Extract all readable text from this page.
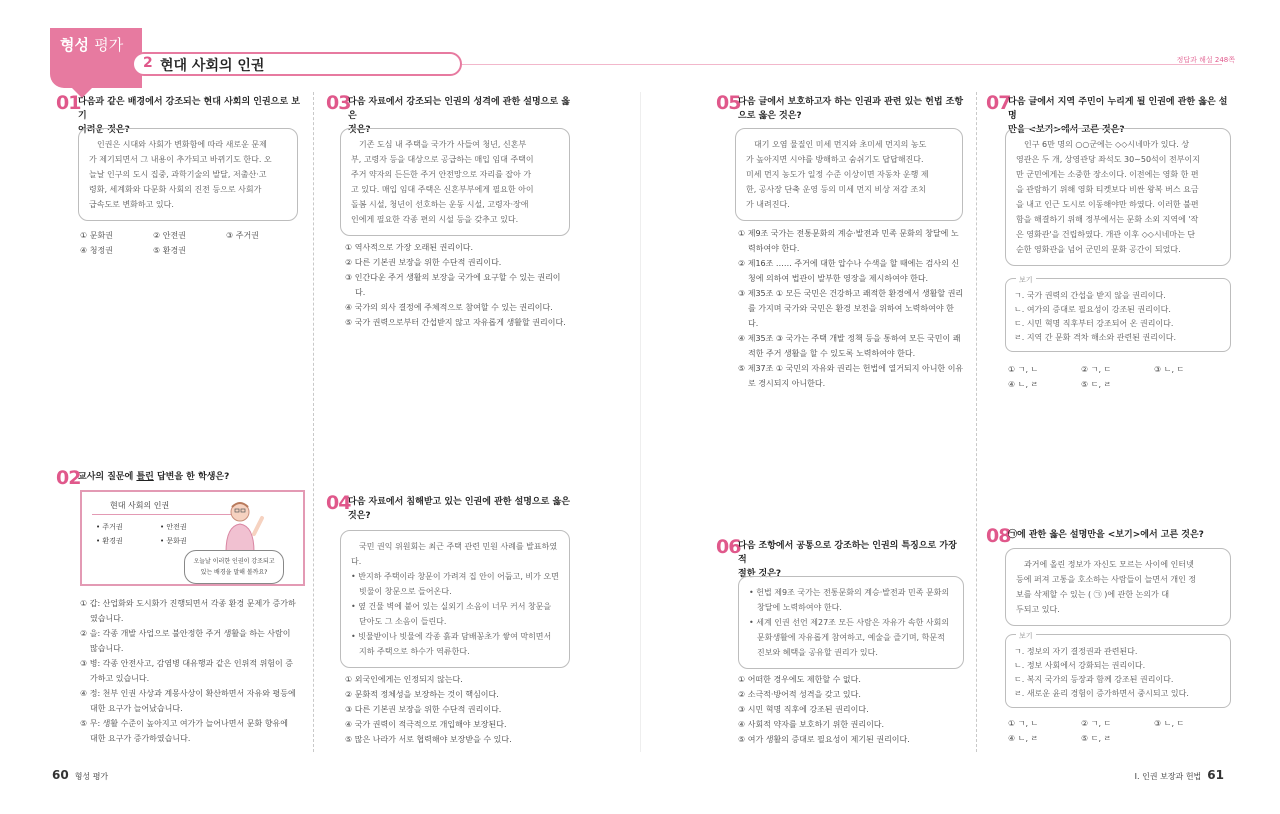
형성 평가
2 현대 사회의 인권	정답과 해설 248쪽
01
다음과 같은 배경에서 강조되는 현대 사회의 인권으로 보기
어려운 것은?

인권은 시대와 사회가 변화함에 따라 새로운 문제

가 제기되면서 그 내용이 추가되고 바뀌기도 한다. 오
늘날 인구의 도시 집중, 과학기술의 발달, 저출산·고
령화, 세계화와 다문화 사회의 진전 등으로 사회가
급속도로 변화하고 있다.
① 문화권	② 안전권	③ 주거권
④ 청정권	⑤ 환경권
02
교사의 질문에 틀린 답변을 한 학생은?
현대 사회의 인권
• 주거권	• 안전권
• 환경권	• 문화권
오늘날 이러한 인권이 강조되고 있는 배경을 말해 볼까요?
① 갑: 산업화와 도시화가 진행되면서 각종 환경 문제가 증가하였습니다.
② 을: 각종 개발 사업으로 불안정한 주거 생활을 하는 사람이 많습니다.
③ 병: 각종 안전사고, 감염병 대유행과 같은 인위적 위험이 증가하고 있습니다.
④ 정: 천부 인권 사상과 계몽사상이 확산하면서 자유와 평등에 대한 요구가 늘어났습니다.
⑤ 무: 생활 수준이 높아지고 여가가 늘어나면서 문화 향유에 대한 요구가 증가하였습니다.
03
다음 자료에서 강조되는 인권의 성격에 관한 설명으로 옳은
것은?

기존 도심 내 주택을 국가가 사들여 청년, 신혼부

부, 고령자 등을 대상으로 공급하는 매입 임대 주택이
주거 약자의 든든한 주거 안전망으로 자리를 잡아 가
고 있다. 매입 임대 주택은 신혼부부에게 필요한 아이
돌봄 시설, 청년이 선호하는 운동 시설, 고령자·장애
인에게 필요한 각종 편의 시설 등을 갖추고 있다.
① 역사적으로 가장 오래된 권리이다.
② 다른 기본권 보장을 위한 수단적 권리이다.
③ 인간다운 주거 생활의 보장을 국가에 요구할 수 있는 권리이다.
④ 국가의 의사 결정에 주체적으로 참여할 수 있는 권리이다.
⑤ 국가 권력으로부터 간섭받지 않고 자유롭게 생활할 권리이다.
04
다음 자료에서 침해받고 있는 인권에 관한 설명으로 옳은
것은?

국민 권익 위원회는 최근 주택 관련 민원 사례를 발표하였다.

• 반지하 주택이라 창문이 가려져 집 안이 어둡고, 비가 오면 빗물이 창문으로 들어온다.
• 옆 건물 벽에 붙어 있는 실외기 소음이 너무 커서 창문을 닫아도 그 소음이 들린다.
• 빗물받이나 빗물에 각종 흙과 담배꽁초가 쌓여 막히면서 지하 주택으로 하수가 역류한다.
① 외국인에게는 인정되지 않는다.
② 문화적 정체성을 보장하는 것이 핵심이다.
③ 다른 기본권 보장을 위한 수단적 권리이다.
④ 국가 권력이 적극적으로 개입해야 보장된다.
⑤ 많은 나라가 서로 협력해야 보장받을 수 있다.
05
다음 글에서 보호하고자 하는 인권과 관련 있는 헌법 조항
으로 옳은 것은?

대기 오염 물질인 미세 먼지와 초미세 먼지의 농도

가 높아지면 시야를 방해하고 숨쉬기도 답답해진다.
미세 먼지 농도가 일정 수준 이상이면 자동차 운행 제
한, 공사장 단축 운영 등의 미세 먼지 비상 저감 조치
가 내려진다.
① 제9조 국가는 전통문화의 계승·발전과 민족 문화의 창달에 노력하여야 한다.
② 제16조 …… 주거에 대한 압수나 수색을 할 때에는 검사의 신청에 의하여 법관이 발부한 영장을 제시하여야 한다.
③ 제35조 ① 모든 국민은 건강하고 쾌적한 환경에서 생활할 권리를 가지며 국가와 국민은 환경 보전을 위하여 노력하여야 한다.
④ 제35조 ③ 국가는 주택 개발 정책 등을 통하여 모든 국민이 쾌적한 주거 생활을 할 수 있도록 노력하여야 한다.
⑤ 제37조 ① 국민의 자유와 권리는 헌법에 열거되지 아니한 이유로 경시되지 아니한다.
06
다음 조항에서 공통으로 강조하는 인권의 특징으로 가장 적
절한 것은?
• 헌법 제9조 국가는 전통문화의 계승·발전과 민족 문화의 창달에 노력하여야 한다.
• 세계 인권 선언 제27조 모든 사람은 자유가 속한 사회의 문화생활에 자유롭게 참여하고, 예술을 즐기며, 학문적 진보와 혜택을 공유할 권리가 있다.
① 어떠한 경우에도 제한할 수 없다.
② 소극적·방어적 성격을 갖고 있다.
③ 시민 혁명 직후에 강조된 권리이다.
④ 사회적 약자를 보호하기 위한 권리이다.
⑤ 여가 생활의 증대로 필요성이 제기된 권리이다.
07
다음 글에서 지역 주민이 누리게 될 인권에 관한 옳은 설명
만을 <보기>에서 고른 것은?

인구 6만 명의 ○○군에는 ◇◇시네마가 있다. 상

영관은 두 개, 상영관당 좌석도 30~50석이 전부이지
만 군민에게는 소중한 장소이다. 이전에는 영화 한 편
을 관람하기 위해 영화 티켓보다 비싼 왕복 버스 요금
을 내고 인근 도시로 이동해야만 하였다. 이러한 불편
함을 해결하기 위해 정부에서는 문화 소외 지역에 '작
은 영화관'을 건립하였다. 개관 이후 ◇◇시네마는 단
순한 영화관을 넘어 군민의 문화 공간이 되었다.
보기
ㄱ. 국가 권력의 간섭을 받지 않을 권리이다.
ㄴ. 여가의 증대로 필요성이 강조된 권리이다.
ㄷ. 시민 혁명 직후부터 강조되어 온 권리이다.
ㄹ. 지역 간 문화 격차 해소와 관련된 권리이다.
① ㄱ, ㄴ	② ㄱ, ㄷ	③ ㄴ, ㄷ
④ ㄴ, ㄹ	⑤ ㄷ, ㄹ
08
㉠에 관한 옳은 설명만을 <보기>에서 고른 것은?

과거에 올린 정보가 자신도 모르는 사이에 인터넷

등에 퍼져 고통을 호소하는 사람들이 늘면서 개인 정
보를 삭제할 수 있는 ( ㉠ )에 관한 논의가 대
두되고 있다.
보기
ㄱ. 정보의 자기 결정권과 관련된다.
ㄴ. 정보 사회에서 강화되는 권리이다.
ㄷ. 복지 국가의 등장과 함께 강조된 권리이다.
ㄹ. 새로운 윤리 경험이 증가하면서 중시되고 있다.
① ㄱ, ㄴ	② ㄱ, ㄷ	③ ㄴ, ㄷ
④ ㄴ, ㄹ	⑤ ㄷ, ㄹ
60 형성 평가	I. 인권 보장과 헌법 61
